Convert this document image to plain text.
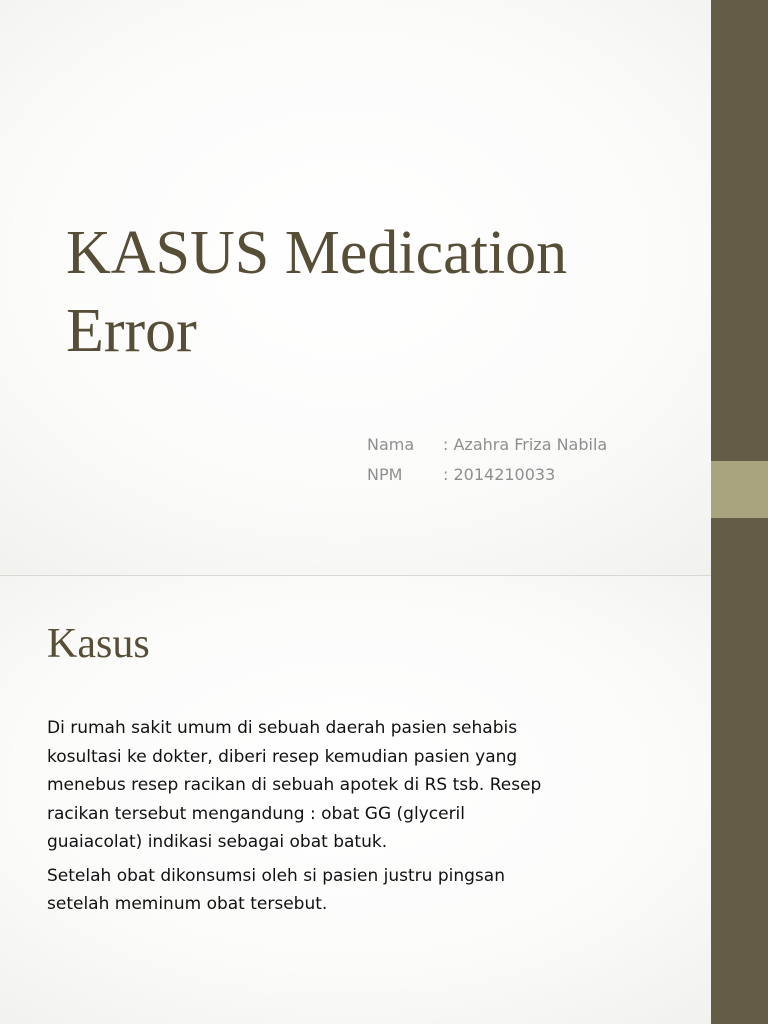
KASUS Medication
Error
Nama	: Azahra Friza Nabila
NPM	: 2014210033
Kasus

Di rumah sakit umum di sebuah daerah pasien sehabis
kosultasi ke dokter, diberi resep kemudian pasien yang
menebus resep racikan di sebuah apotek di RS tsb. Resep
racikan tersebut mengandung : obat GG (glyceril
guaiacolat) indikasi sebagai obat batuk.

Setelah obat dikonsumsi oleh si pasien justru pingsan
setelah meminum obat tersebut.
